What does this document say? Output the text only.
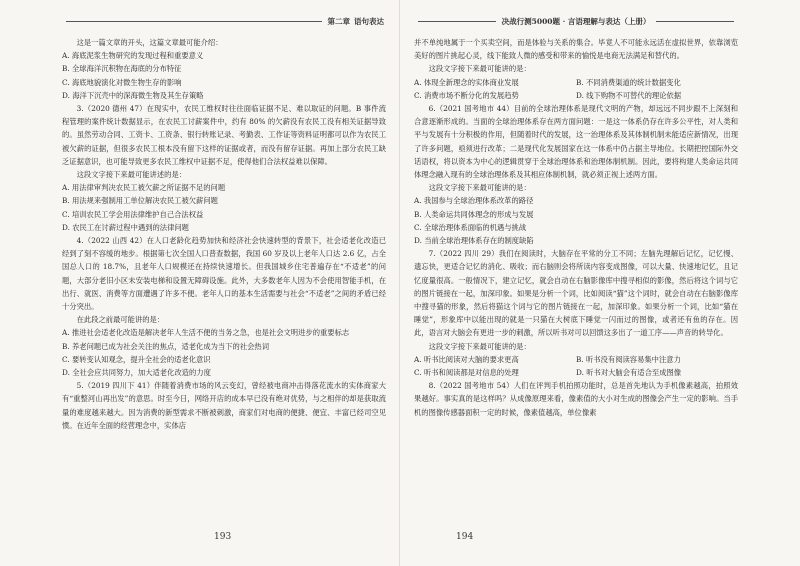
第二章 语句表达

这是一篇文章的开头，这篇文章最可能介绍：

A. 海底泥浆生物研究的发现过程和重要意义

B. 全球海洋沉积物在海底的分布特征

C. 海底地貌演化对微生物生存的影响

D. 海洋下沉壳中的深海微生物及其生存策略

3.（2020 德州 47）在现实中，农民工维权时往往面临证据不足、难以取证的问题。B 事件流程管理的案件统计数据显示，在农民工讨薪案件中，约有 80% 的欠薪没有农民工没有相关证据导致的。虽然劳动合同、工资卡、工资条、银行转账记录、考勤表、工作证等资料证明都可以作为农民工被欠薪的证据，但很多农民工根本没有留下这样的证据或者，而没有留存证据。再加上部分农民工缺乏证据意识，也可能导致更多农民工维权中证据不足，使得他们合法权益难以保障。

这段文字接下来最可能讲述的是：

A. 用法律审判决农民工被欠薪之所证据不足的问题

B. 用法规来强制用工单位解决农民工被欠薪问题

C. 培训农民工学会用法律维护自己合法权益

D. 农民工在讨薪过程中遇到的法律问题

4.（2022 山西 42）在人口老龄化趋势加快和经济社会快速转型的背景下，社会适老化改造已经到了刻不容缓的地步。根据第七次全国人口普查数据，我国 60 岁及以上老年人口达 2.6 亿，占全国总人口的 18.7%，且老年人口规模还在持续快速增长。但我国城乡住宅普遍存在“不适老”的问题，大部分老旧小区未安装电梯和设置无障碍设施。此外，大多数老年人因为不会使用智能手机，在出行、就医、消费等方面遭遇了许多不便。老年人口的基本生活需要与社会“不适老”之间的矛盾已经十分突出。

在此段之前最可能讲的是：

A. 推进社会适老化改造是解决老年人生活不便的当务之急，也是社会文明进步的重要标志

B. 养老问题已成为社会关注的焦点，适老化成为当下的社会热词

C. 要转变认知观念，提升全社会的适老化意识

D. 全社会应共同努力，加大适老化改造的力度

5.（2019 四川下 41）伴随着消费市场的风云变幻，曾经被电商冲击得落花流水的实体商家大有“重整河山再出发”的意思。时至今日，网络开店的成本早已没有绝对优势，与之相伴的却是获取流量的难度越来越大。因为消费的新型需求不断被刺激，商家们对电商的便捷、便宜、丰富已经司空见惯。在近年全面的经营理念中，实体店

193
决战行测5000题 · 言语理解与表达（上册）

并不单纯地属于一个买卖空间，而是体验与关系的集合。毕竟人不可能永远活在虚拟世界，依靠浏览美好的图片挑起心灵，线下能致人微的感受和带来的愉悦是电商无法满足和替代的。

这段文字接下来最可能讲的是：

A. 体现全新理念的实体商业发展	B. 不同消费渠道的统计数据变化

C. 消费市场不断分化的发展趋势	D. 线下购物不可替代的理论依据

6.（2021 国考地市 44）目前的全球治理体系是现代文明的产物，却远远不同步跟不上深刻和合意逐渐形成的。当面的全球治理体系存在两方面问题：一是这一体系仍存在许多公平性，对人类和平与发展有十分积极的作用，但随着时代的发展，这一治理体系及其体制机制未能适应新情况，出现了许多问题，亟须进行改革；二是现代化发展国家在这一体系中仍占据主导地位。长期把控国际外交话语权，将以资本为中心的逻辑贯穿于全球治理体系和治理体制机制。因此，要将构建人类命运共同体理念融入现有的全球治理体系及其相应体制机制，就必须正视上述两方面。

这段文字接下来最可能讲的是：

A. 我国参与全球治理体系改革的路径

B. 人类命运共同体理念的形成与发展

C. 全球治理体系面临的机遇与挑战

D. 当前全球治理体系存在的制度缺陷

7.（2022 四川 29）我们在阅读时，大脑存在平常的分工不同；左脑先理解后记忆，记忆慢、遗忘快，更适合记忆的消化、吸收；而右脑则会将所读内容变成图像，可以大量、快速地记忆，且记忆度量很高。一般情况下，建立记忆，就会自动在右脑影像库中搜寻相似的影像，然后将这个词与它的图片链接在一起，加深印象。如果是分析一个词，比如阅读“猫”这个词时，就会自动在右脑影像库中搜寻猫的形象，然后将猫这个词与它的图片链接在一起，加深印象。如果分析一个词，比如“猫在睡觉”，形象库中以能出现的就是一只猫在大树底下睡觉一闪而过的图像，或者还有鱼的存在。因此，语言对大脑会有更进一步的刺激，所以听书对可以回馈这多出了一道工序——声音的转导化。

这段文字接下来最可能讲的是：

A. 听书比阅读对大脑的要求更高	B. 听书没有阅读容易集中注意力

C. 听书和阅读都是对信息的处理	D. 听书对大脑会有适合至成图像

8.（2022 国考地市 54）人们在评判手机拍照功能时，总是首先地认为手机像素越高，拍照效果越好。事实真的是这样吗？从成像原理来看，像素值的大小对生成的图像会产生一定的影响。当手机的图像传感器面积一定的时候，像素值越高，单位像素

194
